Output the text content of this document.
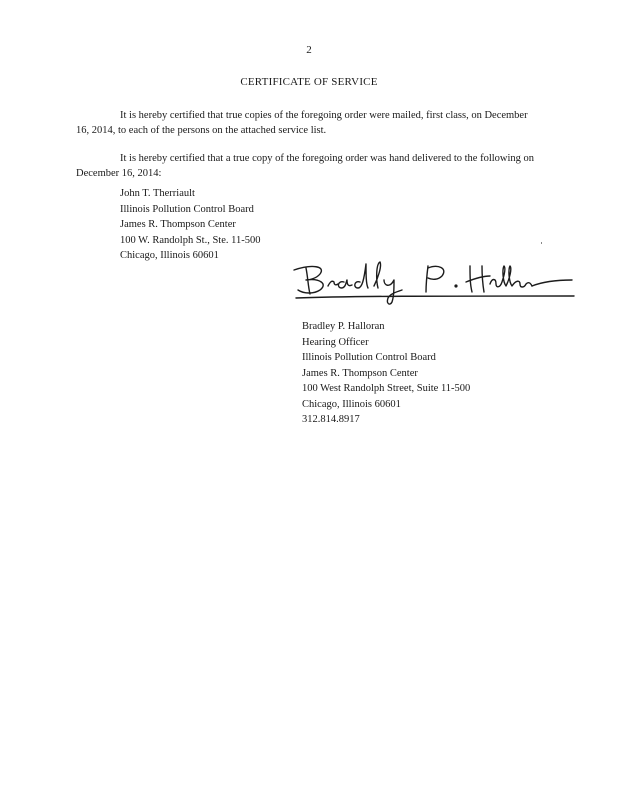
2
CERTIFICATE OF SERVICE

It is hereby certified that true copies of the foregoing order were mailed, first class, on December 16, 2014, to each of the persons on the attached service list.

It is hereby certified that a true copy of the foregoing order was hand delivered to the following on December 16, 2014:

John T. Therriault
Illinois Pollution Control Board
James R. Thompson Center
100 W. Randolph St., Ste. 11-500
Chicago, Illinois 60601
Bradley P. Halloran
Hearing Officer
Illinois Pollution Control Board
James R. Thompson Center
100 West Randolph Street, Suite 11-500
Chicago, Illinois 60601
312.814.8917
